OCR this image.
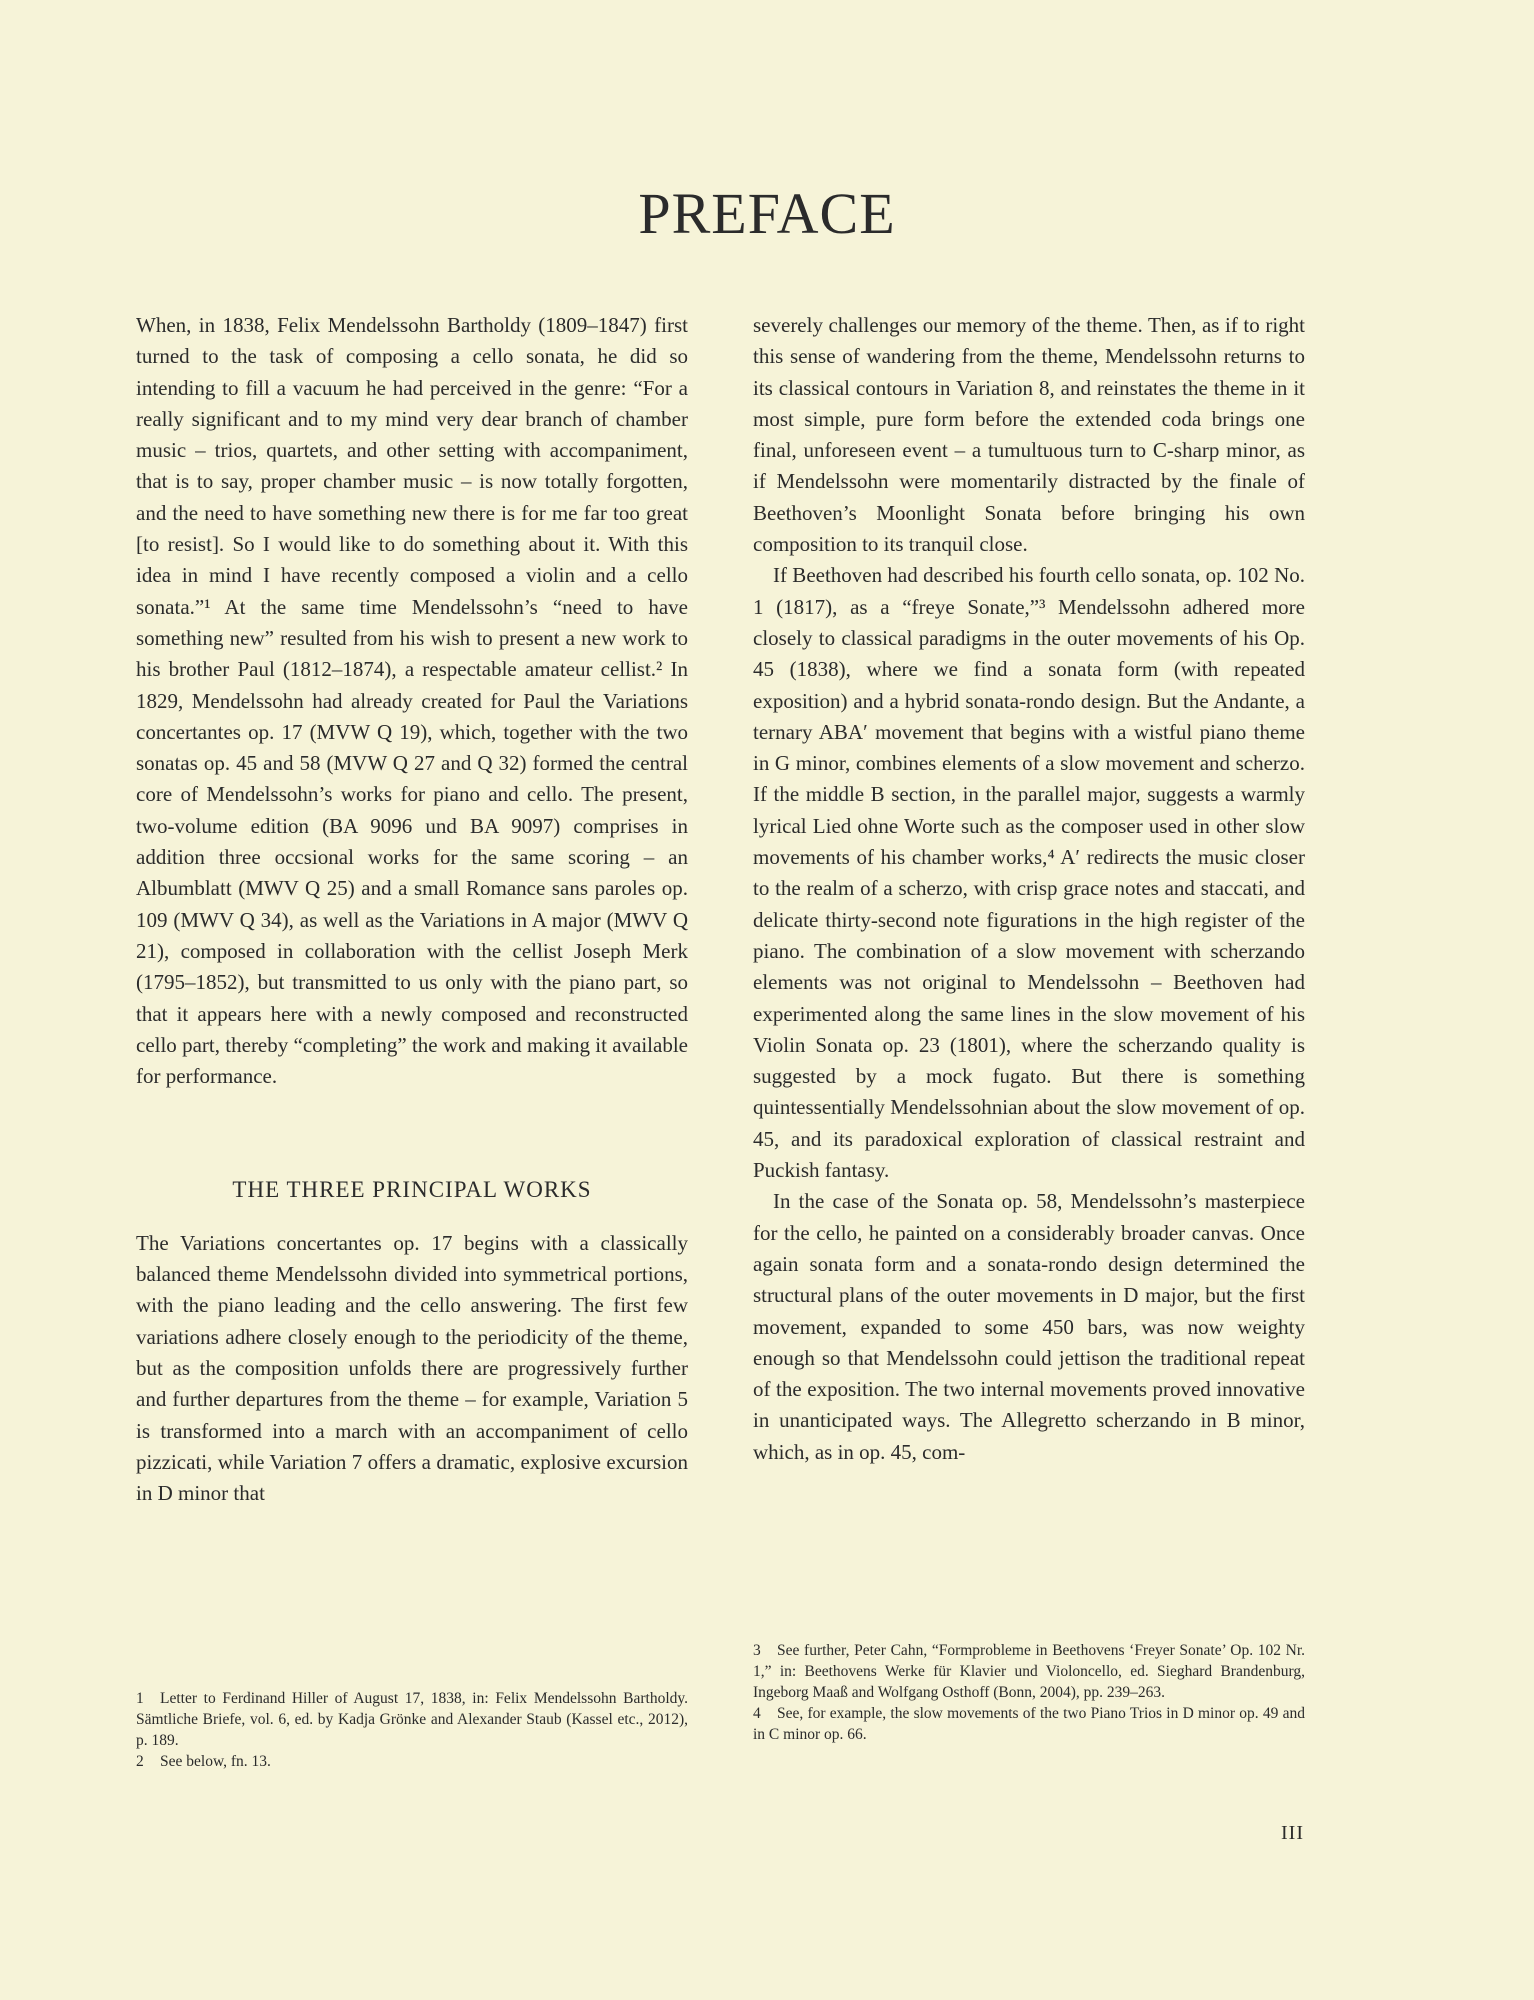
PREFACE

When, in 1838, Felix Mendelssohn Bartholdy (1809–1847) first turned to the task of composing a cello sonata, he did so intending to fill a vacuum he had perceived in the genre: “For a really significant and to my mind very dear branch of chamber music – trios, quartets, and other setting with accompaniment, that is to say, proper chamber music – is now totally forgotten, and the need to have something new there is for me far too great [to resist]. So I would like to do something about it. With this idea in mind I have recently composed a violin and a cello sonata.”¹ At the same time Mendelssohn’s “need to have something new” resulted from his wish to present a new work to his brother Paul (1812–1874), a respectable amateur cellist.² In 1829, Mendelssohn had already created for Paul the Variations concertantes op. 17 (MVW Q 19), which, together with the two sonatas op. 45 and 58 (MVW Q 27 and Q 32) formed the central core of Mendelssohn’s works for piano and cello. The present, two-volume edition (BA 9096 und BA 9097) comprises in addition three occsional works for the same scoring – an Albumblatt (MWV Q 25) and a small Romance sans paroles op. 109 (MWV Q 34), as well as the Variations in A major (MWV Q 21), composed in collaboration with the cellist Joseph Merk (1795–1852), but transmitted to us only with the piano part, so that it appears here with a newly composed and reconstructed cello part, thereby “completing” the work and making it available for performance.

THE THREE PRINCIPAL WORKS

The Variations concertantes op. 17 begins with a classically balanced theme Mendelssohn divided into symmetrical portions, with the piano leading and the cello answering. The first few variations adhere closely enough to the periodicity of the theme, but as the composition unfolds there are progressively further and further departures from the theme – for example, Variation 5 is transformed into a march with an accompaniment of cello pizzicati, while Variation 7 offers a dramatic, explosive excursion in D minor that

severely challenges our memory of the theme. Then, as if to right this sense of wandering from the theme, Mendelssohn returns to its classical contours in Variation 8, and reinstates the theme in it most simple, pure form before the extended coda brings one final, unforeseen event – a tumultuous turn to C-sharp minor, as if Mendelssohn were momentarily distracted by the finale of Beethoven’s Moonlight Sonata before bringing his own composition to its tranquil close.

If Beethoven had described his fourth cello sonata, op. 102 No. 1 (1817), as a “freye Sonate,”³ Mendelssohn adhered more closely to classical paradigms in the outer movements of his Op. 45 (1838), where we find a sonata form (with repeated exposition) and a hybrid sonata-rondo design. But the Andante, a ternary ABA′ movement that begins with a wistful piano theme in G minor, combines elements of a slow movement and scherzo. If the middle B section, in the parallel major, suggests a warmly lyrical Lied ohne Worte such as the composer used in other slow movements of his chamber works,⁴ A′ redirects the music closer to the realm of a scherzo, with crisp grace notes and staccati, and delicate thirty-second note figurations in the high register of the piano. The combination of a slow movement with scherzando elements was not original to Mendelssohn – Beethoven had experimented along the same lines in the slow movement of his Violin Sonata op. 23 (1801), where the scherzando quality is suggested by a mock fugato. But there is something quintessentially Mendelssohnian about the slow movement of op. 45, and its paradoxical exploration of classical restraint and Puckish fantasy.

In the case of the Sonata op. 58, Mendelssohn’s masterpiece for the cello, he painted on a considerably broader canvas. Once again sonata form and a sonata-rondo design determined the structural plans of the outer movements in D major, but the first movement, expanded to some 450 bars, was now weighty enough so that Mendelssohn could jettison the traditional repeat of the exposition. The two internal movements proved innovative in unanticipated ways. The Allegretto scherzando in B minor, which, as in op. 45, com-

1 Letter to Ferdinand Hiller of August 17, 1838, in: Felix Mendelssohn Bartholdy. Sämtliche Briefe, vol. 6, ed. by Kadja Grönke and Alexander Staub (Kassel etc., 2012), p. 189.

2 See below, fn. 13.

3 See further, Peter Cahn, “Formprobleme in Beethovens ‘Freyer Sonate’ Op. 102 Nr. 1,” in: Beethovens Werke für Klavier und Violoncello, ed. Sieghard Brandenburg, Ingeborg Maaß and Wolfgang Osthoff (Bonn, 2004), pp. 239–263.

4 See, for example, the slow movements of the two Piano Trios in D minor op. 49 and in C minor op. 66.

III
